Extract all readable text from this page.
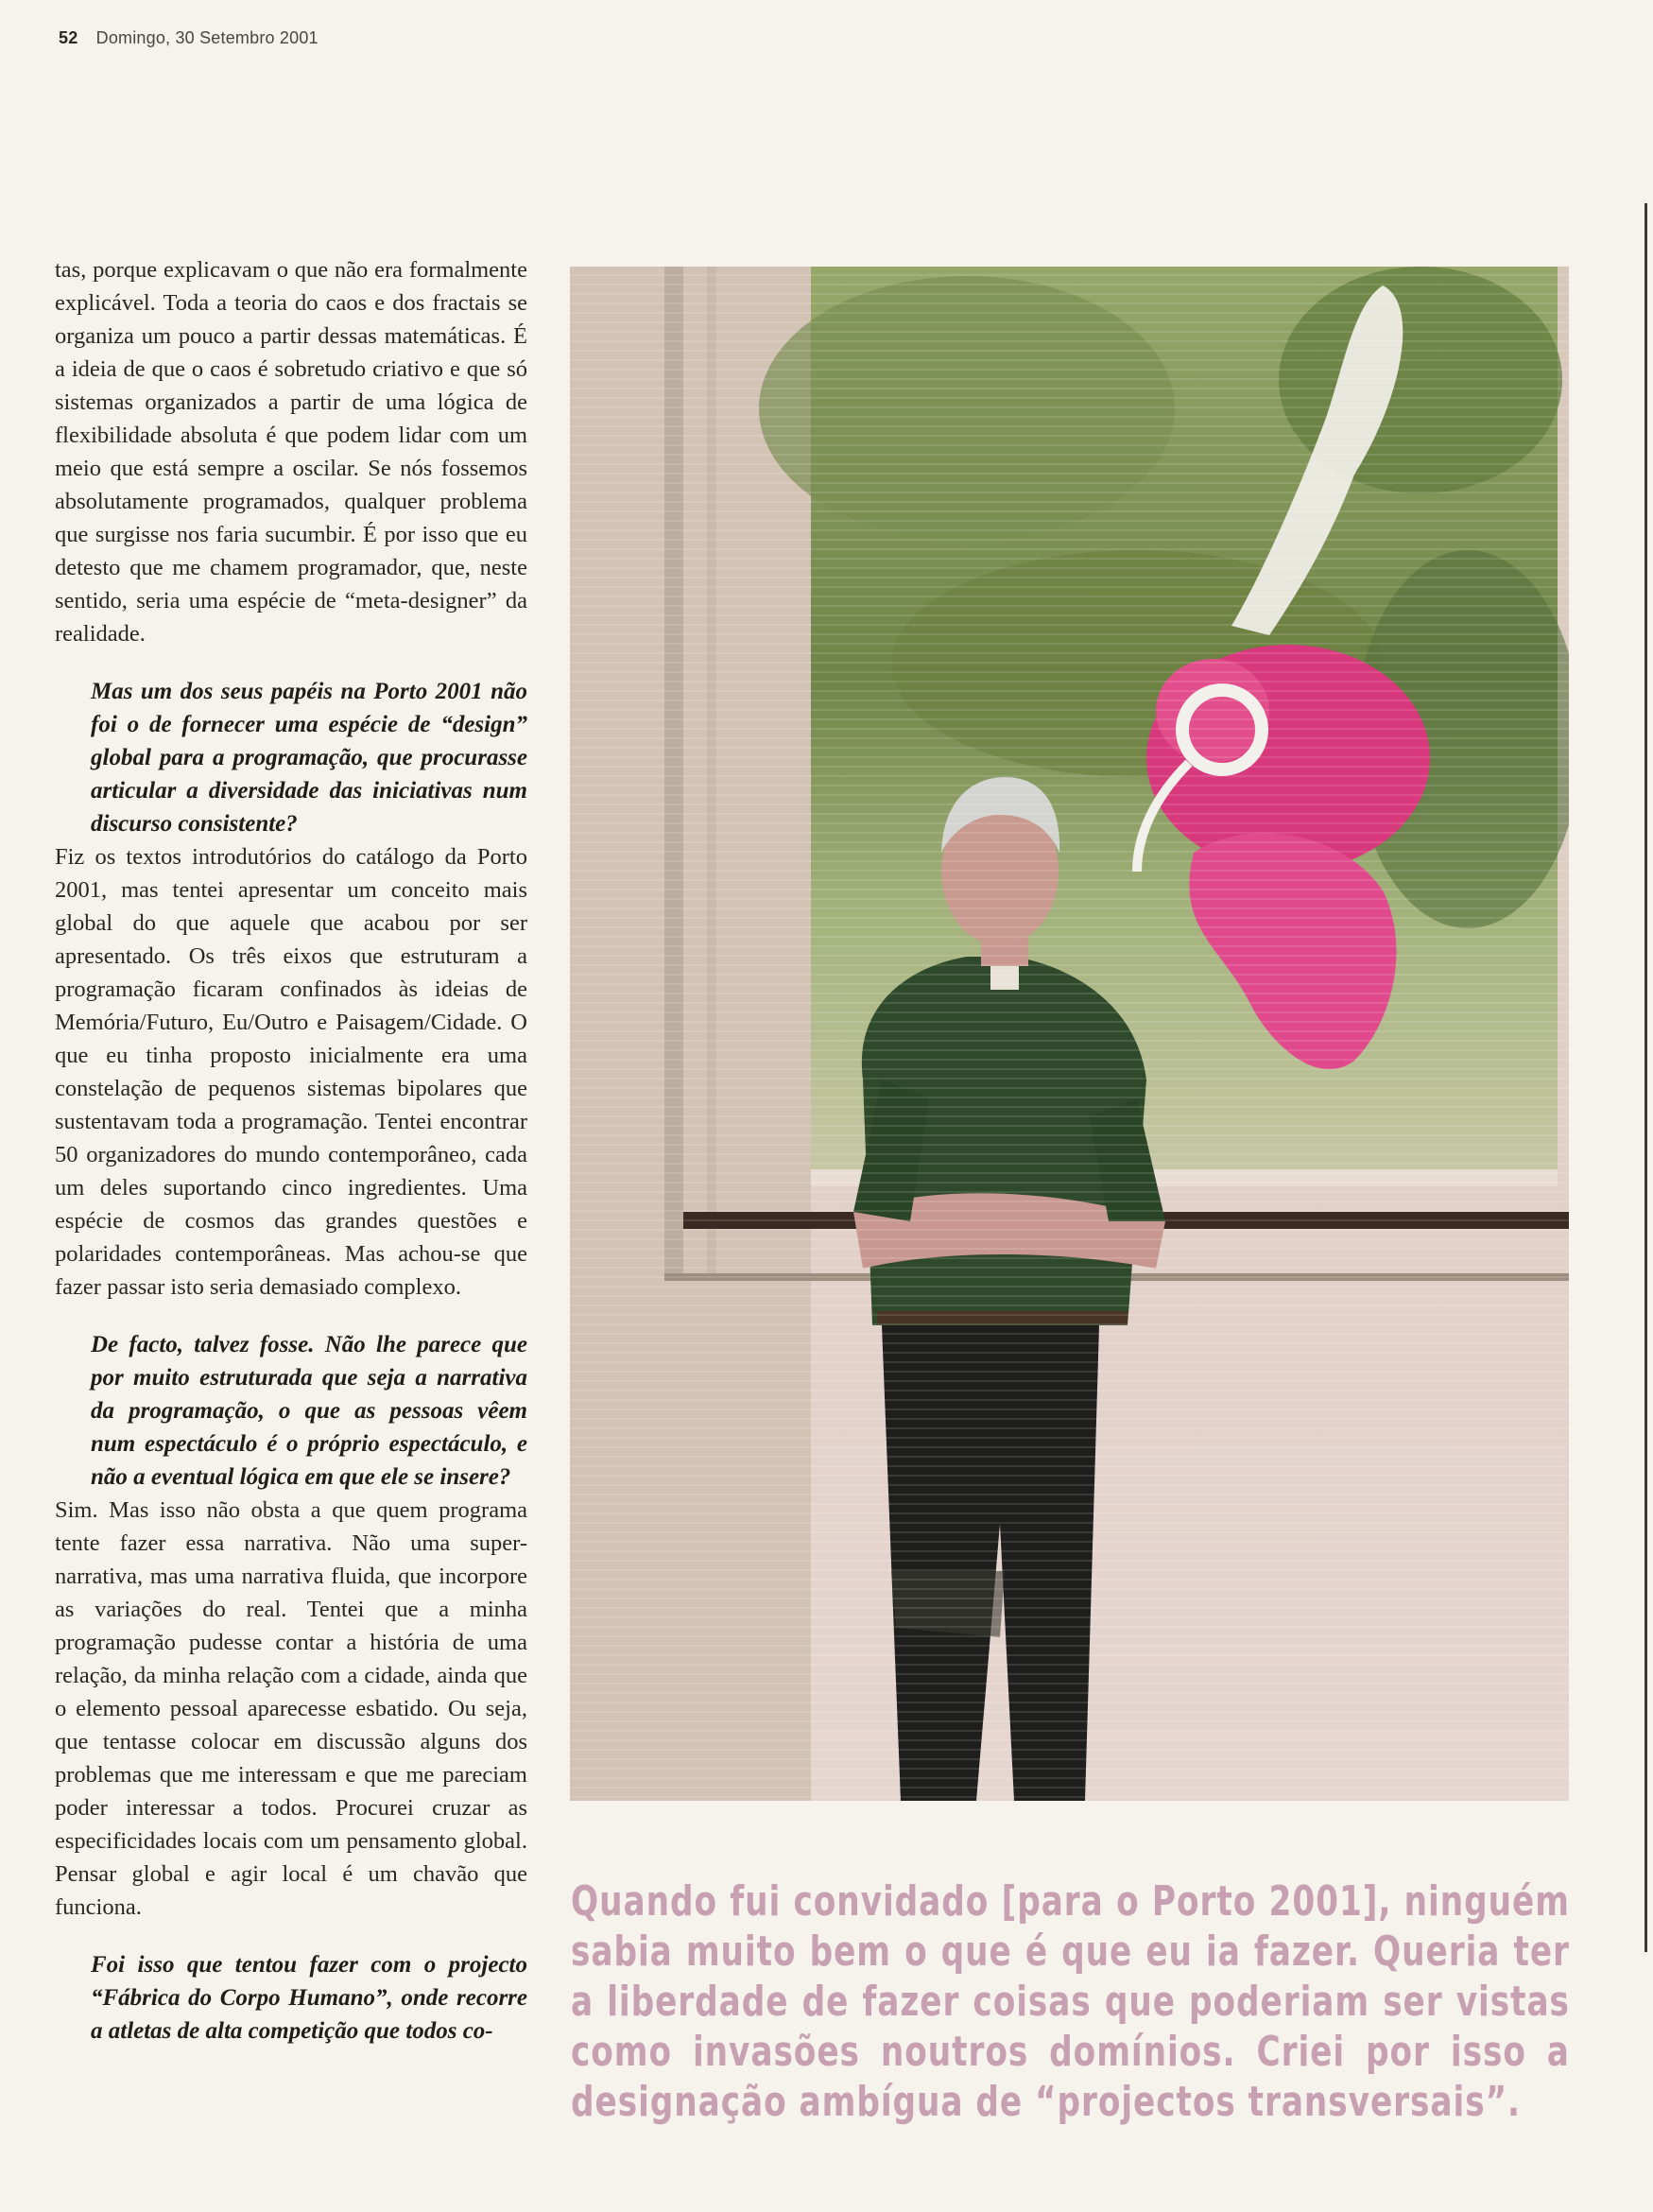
52 Domingo, 30 Setembro 2001

tas, porque explicavam o que não era formalmente explicável. Toda a teoria do caos e dos fractais se organiza um pouco a partir dessas matemáticas. É a ideia de que o caos é sobretudo criativo e que só sistemas organizados a partir de uma lógica de flexibilidade absoluta é que podem lidar com um meio que está sempre a oscilar. Se nós fossemos absolutamente programados, qualquer problema que surgisse nos faria sucumbir. É por isso que eu detesto que me chamem programador, que, neste sentido, seria uma espécie de “meta-designer” da realidade.

Mas um dos seus papéis na Porto 2001 não foi o de fornecer uma espécie de “design” global para a programação, que procurasse articular a diversidade das iniciativas num discurso consistente?

Fiz os textos introdutórios do catálogo da Porto 2001, mas tentei apresentar um conceito mais global do que aquele que acabou por ser apresentado. Os três eixos que estruturam a programação ficaram confinados às ideias de Memória/Futuro, Eu/Outro e Paisagem/Cidade. O que eu tinha proposto inicialmente era uma constelação de pequenos sistemas bipolares que sustentavam toda a programação. Tentei encontrar 50 organizadores do mundo contemporâneo, cada um deles suportando cinco ingredientes. Uma espécie de cosmos das grandes questões e polaridades contemporâneas. Mas achou-se que fazer passar isto seria demasiado complexo.

De facto, talvez fosse. Não lhe parece que por muito estruturada que seja a narrativa da programação, o que as pessoas vêem num espectáculo é o próprio espectáculo, e não a eventual lógica em que ele se insere?

Sim. Mas isso não obsta a que quem programa tente fazer essa narrativa. Não uma super-narrativa, mas uma narrativa fluida, que incorpore as variações do real. Tentei que a minha programação pudesse contar a história de uma relação, da minha relação com a cidade, ainda que o elemento pessoal aparecesse esbatido. Ou seja, que tentasse colocar em discussão alguns dos problemas que me interessam e que me pareciam poder interessar a todos. Procurei cruzar as especificidades locais com um pensamento global. Pensar global e agir local é um chavão que funciona.

Foi isso que tentou fazer com o projecto “Fábrica do Corpo Humano”, onde recorre a atletas de alta competição que todos co-

Quando fui convidado [para o Porto 2001], ninguém sabia muito bem o que é que eu ia fazer. Queria ter a liberdade de fazer coisas que poderiam ser vistas como invasões noutros domínios. Criei por isso a designação ambígua de “projectos transversais”.
